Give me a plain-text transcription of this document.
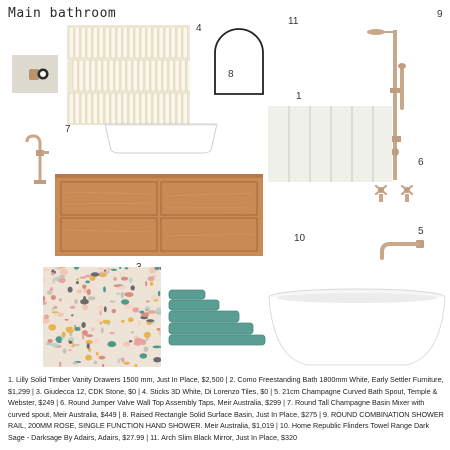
Main bathroom
4
8
11
9
1
7
6
5
10
1. Lilly Solid Timber Vanity Drawers 1500 mm, Just In Place, $2,500 | 2. Como Freestanding Bath 1800mm White, Early Settler Furniture, $1,299 | 3. Giudecca 12, CDK Stone, $0 | 4. Sticks 3D White, Di Lorenzo Tiles, $0 | 5. 21cm Champagne Curved Bath Spout, Temple & Webster, $249 | 6. Round Jumper Valve Wall Top Assembly Taps, Meir Australia, $299 | 7. Round Tall Champagne Basin Mixer with curved spout, Meir Australia, $449 | 8. Raised Rectangle Solid Surface Basin, Just In Place, $275 | 9. ROUND COMBINATION SHOWER RAIL, 200MM ROSE, SINGLE FUNCTION HAND SHOWER. Meir Australia, $1,019 | 10. Home Republic Flinders Towel Range Dark Sage - Darksage By Adairs, Adairs, $27.99 | 11. Arch Slim Black Mirror, Just In Place, $320
